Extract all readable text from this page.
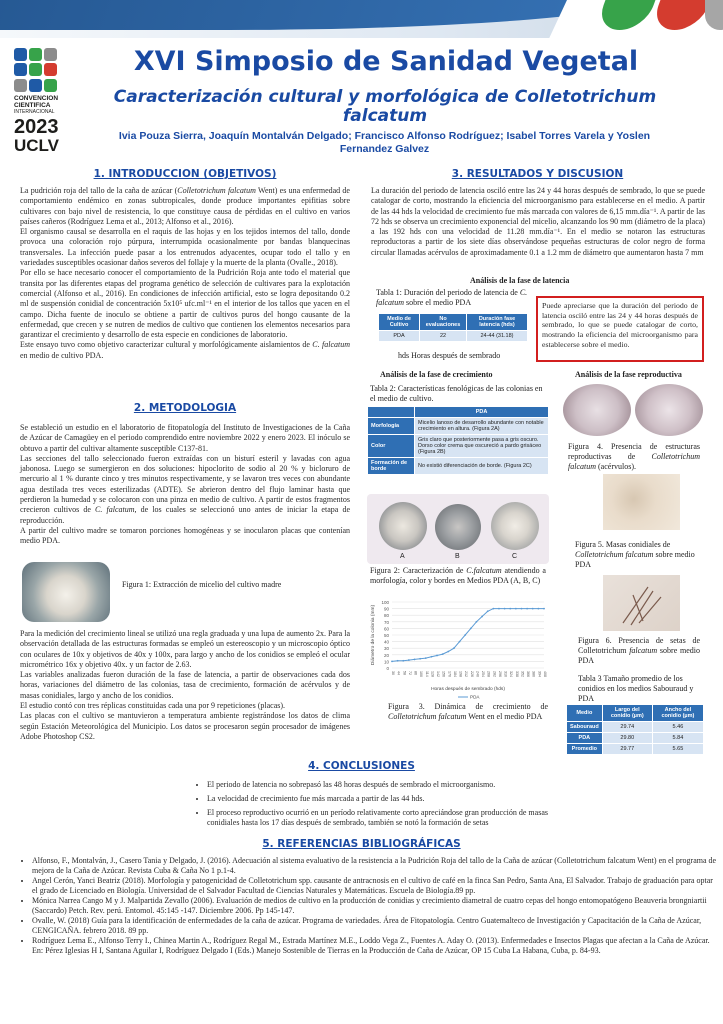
CONVENCION
CIENTIFICA
INTERNACIONAL
2023
UCLV
XVI Simposio de Sanidad Vegetal
Caracterización cultural y morfológica de Colletotrichum falcatum
Ivia Pouza Sierra, Joaquín Montalván Delgado; Francisco Alfonso Rodríguez; Isabel Torres Varela y Yoslen Fernandez Galvez
1. INTRODUCCION (OBJETIVOS)

La pudrición roja del tallo de la caña de azúcar (Colletotrichum falcatum Went) es una enfermedad de comportamiento endémico en zonas subtropicales, donde produce importantes epifitias sobre cultivares con bajo nivel de resistencia, lo que constituye causa de pérdidas en el cultivo en varios países cañeros (Rodríguez Lema et al., 2013; Alfonso et al., 2016).

El organismo causal se desarrolla en el raquis de las hojas y en los tejidos internos del tallo, donde provoca una coloración rojo púrpura, interrumpida ocasionalmente por bandas blanquecinas transversales. La infección puede pasar a los entrenudos adyacentes, ocupar todo el tallo y en variedades susceptibles ocasionar daños severos del follaje y la muerte de la planta (Ovalle., 2018).

Por ello se hace necesario conocer el comportamiento de la Pudrición Roja ante todo el material que transita por las diferentes etapas del programa genético de selección de cultivares para la explotación comercial (Alfonso et al., 2016). En condiciones de infección artificial, esto se logra depositando 0.2 ml de suspensión conidial de concentración 5x10⁵ ufc.ml⁻¹ en el interior de los tallos que yacen en el campo. Dicha fuente de inoculo se obtiene a partir de cultivos puros del hongo causante de la enfermedad, que crecen y se nutren de medios de cultivo que contienen los elementos necesarios para garantizar el crecimiento y desarrollo de esta especie en condiciones de laboratorio.

Este ensayo tuvo como objetivo caracterizar cultural y morfológicamente aislamientos de C. falcatum en medio de cultivo PDA.

2. METODOLOGIA

Se estableció un estudio en el laboratorio de fitopatología del Instituto de Investigaciones de la Caña de Azúcar de Camagüey en el periodo comprendido entre noviembre 2022 y enero 2023. El inóculo se obtuvo a partir del cultivar altamente susceptible C137-81.

Las secciones del tallo seleccionado fueron extraídas con un bisturí esteril y lavadas con agua jabonosa. Luego se sumergieron en dos soluciones: hipoclorito de sodio al 20 % y bicloruro de mercurio al 1 % durante cinco y tres minutos respectivamente, y se lavaron tres veces con abundante agua destilada tres veces esterilizadas (ADTE). Se abrieron dentro del flujo laminar hasta que perdieron la humedad y se colocaron con una pinza en medio de cultivo. A partir de estos fragmentos crecieron cultivos de C. falcatum, de los cuales se seleccionó uno antes de iniciar la etapa de reproducción.

A partir del cultivo madre se tomaron porciones homogéneas y se inocularon placas que contenían medio PDA.

Figura 1: Extracción de micelio del cultivo madre

Para la medición del crecimiento lineal se utilizó una regla graduada y una lupa de aumento 2x. Para la observación detallada de las estructuras formadas se empleó un estereoscopio y un microscopio óptico con oculares de 10x y objetivos de 40x y 100x, para largo y ancho de los conidios se empleó el ocular micrométrico 16x y objetivo 40x. y un factor de 2.63.

Las variables analizadas fueron duración de la fase de latencia, a partir de observaciones cada dos horas, variaciones del diámetro de las colonias, tasa de crecimiento, formación de acérvulos y de masas conidiales, largo y ancho de los conidios.

El estudio contó con tres réplicas constituidas cada una por 9 repeticiones (placas).

Las placas con el cultivo se mantuvieron a temperatura ambiente registrándose los datos de clima según Estación Meteorológica del Municipio. Los datos se procesaron según procesador de imágenes Adobe Photoshop CS2.

3. RESULTADOS Y DISCUSION

La duración del periodo de latencia osciló entre las 24 y 44 horas después de sembrado, lo que se puede catalogar de corto, mostrando la eficiencia del microorganismo para establecerse en el medio. A partir de las 44 hds la velocidad de crecimiento fue más marcada con valores de 6,15 mm.día⁻¹. A partir de las 72 hds se observa un crecimiento exponencial del micelio, alcanzando los 90 mm (diámetro de la placa) a las 192 hds con una velocidad de 11.28 mm.día⁻¹. En el medio se notaron las estructuras reproductoras a partir de los siete días observándose pequeñas estructuras de color negro de forma circular llamadas acérvulos de aproximadamente 0.1 a 1.2 mm de diámetro que aumentaron hasta 7 mm

Análisis de la fase de latencia
Tabla 1: Duración del periodo de latencia de C. falcatum sobre el medio PDA
Medio de Cultivo	No evaluaciones	Duración fase latencia (hds)
PDA	22	24-44 (31.18)
hds Horas después de sembrado

Puede apreciarse que la duración del periodo de latencia osciló entre las 24 y 44 horas después de sembrado, lo que se puede catalogar de corto, mostrando la eficiencia del microorganismo para establecerse sobre el medio.

Análisis de la fase de crecimiento	Análisis de la fase reproductiva
Tabla 2: Características fenológicas de las colonias en el medio de cultivo.
	PDA
Morfología	Micelio lanoso de desarrollo abundante con notable crecimiento en altura. (Figura 2A)
Color	Gris claro que posteriormente pasa a gris oscuro. Dorso color crema que oscureció a pardo grisáceo (Figura 2B)
Formación de borde	No existió diferenciación de borde. (Figura 2C)
A	B	C
Figura 2: Caracterización de C.falcatum atendiendo a morfología, color y bordes en Medios PDA (A, B, C)
0
10
20
30
40
50
60
70
80
90
100
30 44 58 72 86 100 114 128 142 156 170 184 198 212 226 240 254 268 282 296 310 324 338 352 366 380 394 408
Diámetro de la colonia (mm)
Horas después de sembrado (hds)
PDA
Figura 3. Dinámica de crecimiento de Colletotrichum falcatum Went en el medio PDA
Figura 4. Presencia de estructuras reproductivas de Colletotrichum falcatum (acérvulos).
Figura 5. Masas conidiales de Colletotrichum falcatum sobre medio PDA
Figura 6. Presencia de setas de Colletotrichum falcatum sobre medio PDA
Tabla 3 Tamaño promedio de los conidios en los medios Sabouraud y PDA
Medio	Largo del conidio (µm)	Ancho del conidio (µm)
Sabouraud	29.74	5.46
PDA	29.80	5.84
Promedio	29.77	5.65
4. CONCLUSIONES
• El periodo de latencia no sobrepasó las 48 horas después de sembrado el microorganismo.
• La velocidad de crecimiento fue más marcada a partir de las 44 hds.
• El proceso reproductivo ocurrió en un período relativamente corto apreciándose gran producción de masas conidiales hasta los 17 días después de sembrado, también se notó la formación de setas
5. REFERENCIAS BIBLIOGRÁFICAS
• Alfonso, F., Montalván, J., Casero Tania y Delgado, J. (2016). Adecuación al sistema evaluativo de la resistencia a la Pudrición Roja del tallo de la Caña de azúcar (Colletotrichum falcatum Went) en el programa de mejora de la Caña de Azúcar. Revista Cuba & Caña No 1 p.1-4.
• Angel Cerón, Yanci Beatriz (2018). Morfología y patogenicidad de Colletotrichum spp. causante de antracnosis en el cultivo de café en la finca San Pedro, Santa Ana, El Salvador. Trabajo de graduación para optar el grado de Licenciado en Biología. Universidad de el Salvador Facultad de Ciencias Naturales y Matemáticas. Escuela de Biología.89 pp.
• Mónica Narrea Cango M y J. Malpartida Zevallo (2006). Evaluación de medios de cultivo en la producción de conidias y crecimiento diametral de cuatro cepas del hongo entomopatógeno Beauveria brongniartii (Saccardo) Petch. Rev. perú. Entomol. 45:145 -147. Diciembre 2006. Pp 145-147.
• Ovalle, W. (2018) Guía para la identificación de enfermedades de la caña de azúcar. Programa de variedades. Área de Fitopatología. Centro Guatemalteco de Investigación y Capacitación de la Caña de Azúcar, CENGICAÑA. febrero 2018. 89 pp.
• Rodríguez Lema E., Alfonso Terry I., Chinea Martin A., Rodríguez Regal M., Estrada Martínez M.E., Loddo Vega Z., Fuentes A. Aday O. (2013). Enfermedades e Insectos Plagas que afectan a la Caña de Azúcar. En: Pérez Iglesias H I, Santana Aguilar I, Rodríguez Delgado I (Eds.) Manejo Sostenible de Tierras en la Producción de Caña de Azúcar, OP 15 Cuba La Habana, Cuba, p. 84-93.
